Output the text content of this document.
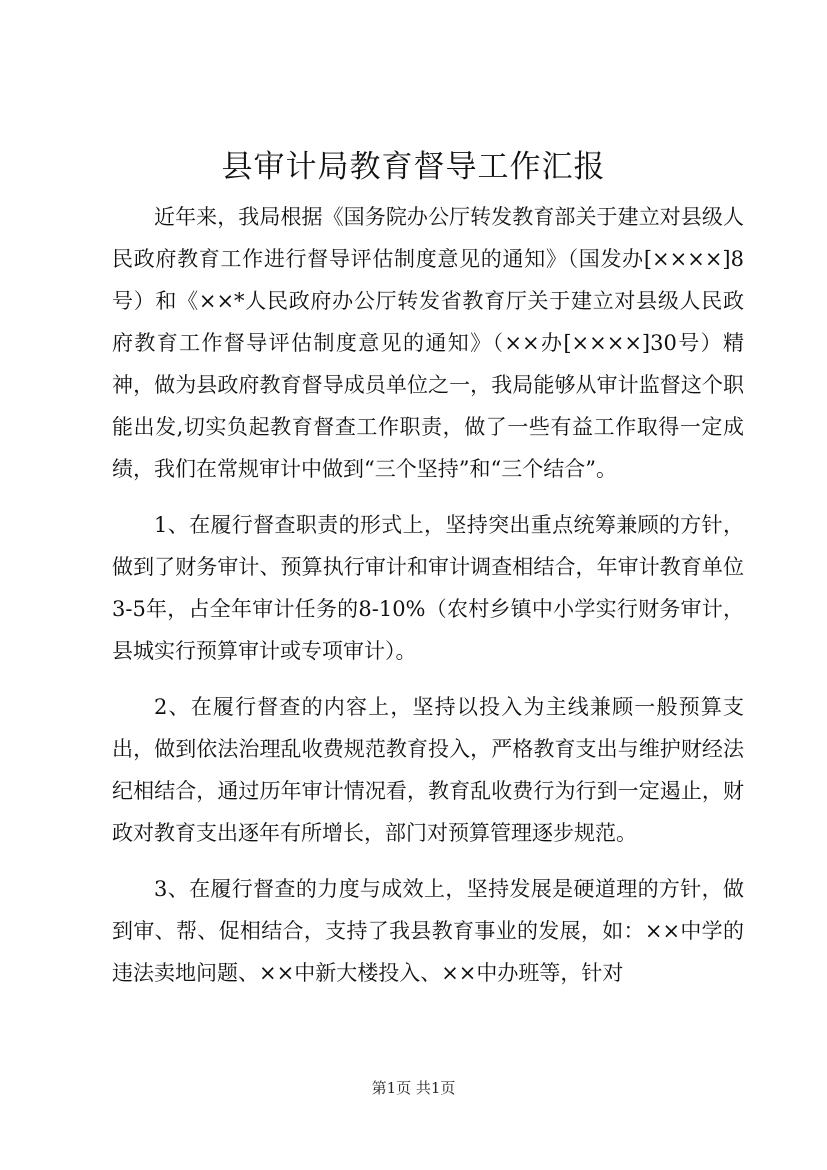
县审计局教育督导工作汇报

近年来，我局根据《国务院办公厅转发教育部关于建立对县级人民政府教育工作进行督导评估制度意见的通知》（国发办[××××]8号）和《××*人民政府办公厅转发省教育厅关于建立对县级人民政府教育工作督导评估制度意见的通知》（××办[××××]30号）精神，做为县政府教育督导成员单位之一，我局能够从审计监督这个职能出发,切实负起教育督查工作职责，做了一些有益工作取得一定成绩，我们在常规审计中做到“三个坚持”和“三个结合”。

1、在履行督查职责的形式上，坚持突出重点统筹兼顾的方针，做到了财务审计、预算执行审计和审计调查相结合，年审计教育单位3-5年，占全年审计任务的8-10%（农村乡镇中小学实行财务审计，县城实行预算审计或专项审计）。

2、在履行督查的内容上，坚持以投入为主线兼顾一般预算支出，做到依法治理乱收费规范教育投入，严格教育支出与维护财经法纪相结合，通过历年审计情况看，教育乱收费行为行到一定遏止，财政对教育支出逐年有所增长，部门对预算管理逐步规范。

3、在履行督查的力度与成效上，坚持发展是硬道理的方针，做到审、帮、促相结合，支持了我县教育事业的发展，如：××中学的违法卖地问题、××中新大楼投入、××中办班等，针对

第1页 共1页
